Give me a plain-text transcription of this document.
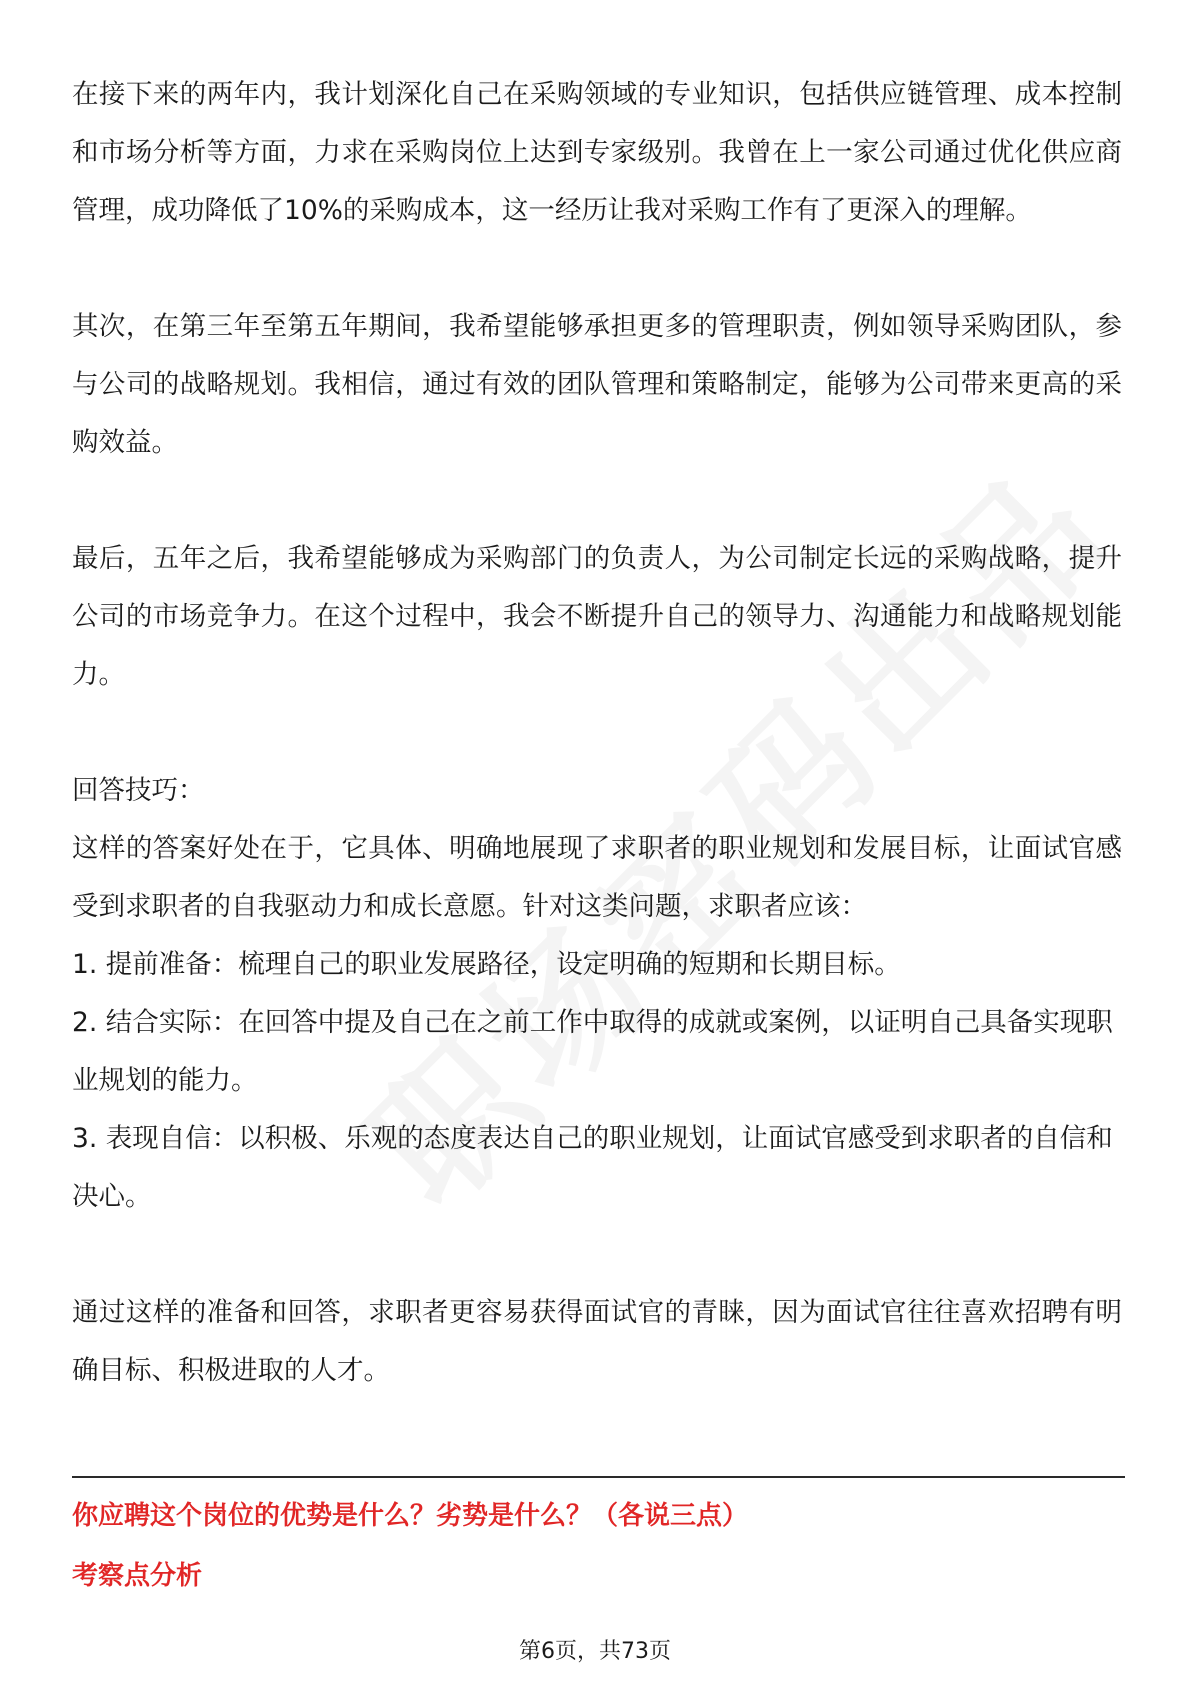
在接下来的两年内，我计划深化自己在采购领域的专业知识，包括供应链管理、成本控制和市场分析等方面，力求在采购岗位上达到专家级别。我曾在上一家公司通过优化供应商管理，成功降低了10%的采购成本，这一经历让我对采购工作有了更深入的理解。

其次，在第三年至第五年期间，我希望能够承担更多的管理职责，例如领导采购团队，参与公司的战略规划。我相信，通过有效的团队管理和策略制定，能够为公司带来更高的采购效益。

最后，五年之后，我希望能够成为采购部门的负责人，为公司制定长远的采购战略，提升公司的市场竞争力。在这个过程中，我会不断提升自己的领导力、沟通能力和战略规划能力。

回答技巧：

这样的答案好处在于，它具体、明确地展现了求职者的职业规划和发展目标，让面试官感受到求职者的自我驱动力和成长意愿。针对这类问题，求职者应该：

1. 提前准备：梳理自己的职业发展路径，设定明确的短期和长期目标。

2. 结合实际：在回答中提及自己在之前工作中取得的成就或案例，以证明自己具备实现职业规划的能力。

3. 表现自信：以积极、乐观的态度表达自己的职业规划，让面试官感受到求职者的自信和决心。

通过这样的准备和回答，求职者更容易获得面试官的青睐，因为面试官往往喜欢招聘有明确目标、积极进取的人才。

你应聘这个岗位的优势是什么？劣势是什么？（各说三点）

考察点分析

第6页，共73页
